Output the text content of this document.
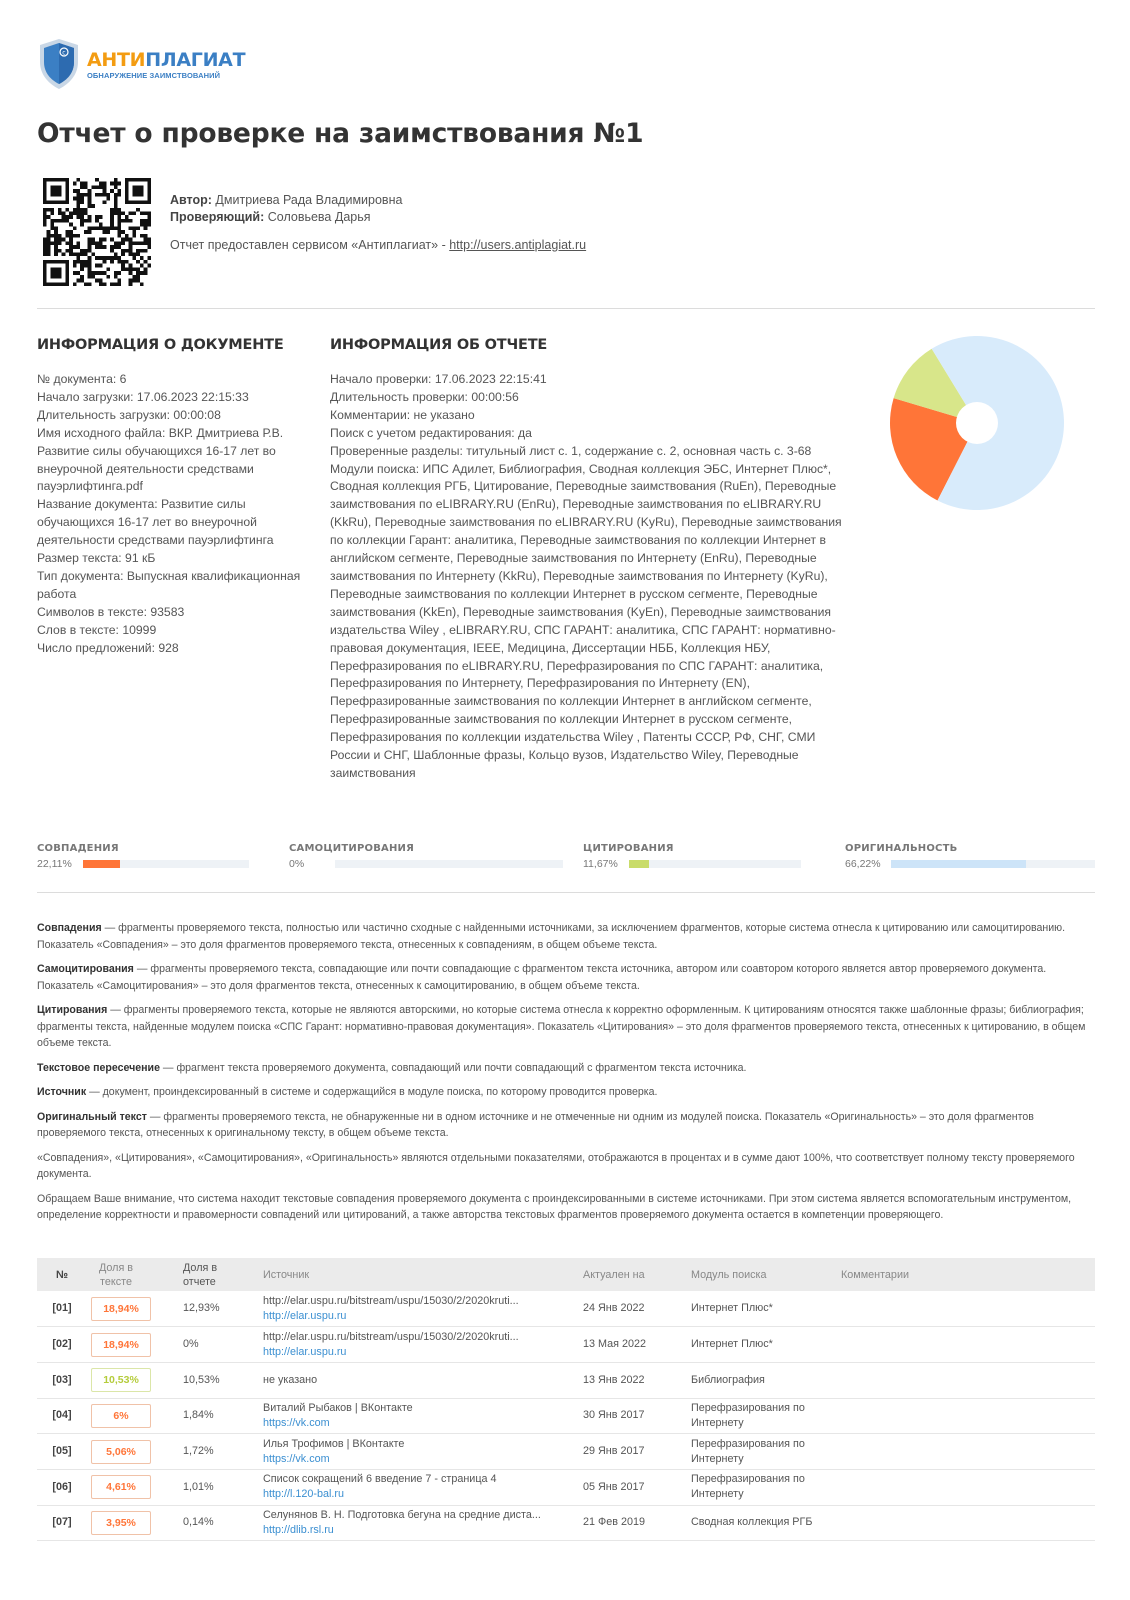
c АНТИПЛАГИАТ
ОБНАРУЖЕНИЕ ЗАИМСТВОВАНИЙ
Отчет о проверке на заимствования №1
Автор: Дмитриева Рада Владимировна
Проверяющий: Соловьева Дарья
Отчет предоставлен сервисом «Антиплагиат» - http://users.antiplagiat.ru
ИНФОРМАЦИЯ О ДОКУМЕНТЕ	ИНФОРМАЦИЯ ОБ ОТЧЕТЕ
№ документа: 6
Начало загрузки: 17.06.2023 22:15:33
Длительность загрузки: 00:00:08
Имя исходного файла: ВКР. Дмитриева Р.В. Развитие силы обучающихся 16-17 лет во внеурочной деятельности средствами пауэрлифтинга.pdf
Название документа: Развитие силы обучающихся 16-17 лет во внеурочной деятельности средствами пауэрлифтинга
Размер текста: 91 кБ
Тип документа: Выпускная квалификационная работа
Символов в тексте: 93583
Слов в тексте: 10999
Число предложений: 928
Начало проверки: 17.06.2023 22:15:41
Длительность проверки: 00:00:56
Комментарии: не указано
Поиск с учетом редактирования: да
Проверенные разделы: титульный лист с. 1, содержание с. 2, основная часть с. 3-68
Модули поиска: ИПС Адилет, Библиография, Сводная коллекция ЭБС, Интернет Плюс*, Сводная коллекция РГБ, Цитирование, Переводные заимствования (RuEn), Переводные заимствования по eLIBRARY.RU (EnRu), Переводные заимствования по eLIBRARY.RU (KkRu), Переводные заимствования по eLIBRARY.RU (KyRu), Переводные заимствования по коллекции Гарант: аналитика, Переводные заимствования по коллекции Интернет в английском сегменте, Переводные заимствования по Интернету (EnRu), Переводные заимствования по Интернету (KkRu), Переводные заимствования по Интернету (KyRu), Переводные заимствования по коллекции Интернет в русском сегменте, Переводные заимствования (KkEn), Переводные заимствования (KyEn), Переводные заимствования издательства Wiley , eLIBRARY.RU, СПС ГАРАНТ: аналитика, СПС ГАРАНТ: нормативно-правовая документация, IEEE, Медицина, Диссертации НББ, Коллекция НБУ, Перефразирования по eLIBRARY.RU, Перефразирования по СПС ГАРАНТ: аналитика, Перефразирования по Интернету, Перефразирования по Интернету (EN), Перефразированные заимствования по коллекции Интернет в английском сегменте, Перефразированные заимствования по коллекции Интернет в русском сегменте, Перефразирования по коллекции издательства Wiley , Патенты СССР, РФ, СНГ, СМИ России и СНГ, Шаблонные фразы, Кольцо вузов, Издательство Wiley, Переводные заимствования
СОВПАДЕНИЯ
22,11%
САМОЦИТИРОВАНИЯ
0%
ЦИТИРОВАНИЯ
11,67%
ОРИГИНАЛЬНОСТЬ
66,22%

Совпадения — фрагменты проверяемого текста, полностью или частично сходные с найденными источниками, за исключением фрагментов, которые система отнесла к цитированию или самоцитированию. Показатель «Совпадения» – это доля фрагментов проверяемого текста, отнесенных к совпадениям, в общем объеме текста.

Самоцитирования — фрагменты проверяемого текста, совпадающие или почти совпадающие с фрагментом текста источника, автором или соавтором которого является автор проверяемого документа. Показатель «Самоцитирования» – это доля фрагментов текста, отнесенных к самоцитированию, в общем объеме текста.

Цитирования — фрагменты проверяемого текста, которые не являются авторскими, но которые система отнесла к корректно оформленным. К цитированиям относятся также шаблонные фразы; библиография; фрагменты текста, найденные модулем поиска «СПС Гарант: нормативно-правовая документация». Показатель «Цитирования» – это доля фрагментов проверяемого текста, отнесенных к цитированию, в общем объеме текста.

Текстовое пересечение — фрагмент текста проверяемого документа, совпадающий или почти совпадающий с фрагментом текста источника.

Источник — документ, проиндексированный в системе и содержащийся в модуле поиска, по которому проводится проверка.

Оригинальный текст — фрагменты проверяемого текста, не обнаруженные ни в одном источнике и не отмеченные ни одним из модулей поиска. Показатель «Оригинальность» – это доля фрагментов проверяемого текста, отнесенных к оригинальному тексту, в общем объеме текста.

«Совпадения», «Цитирования», «Самоцитирования», «Оригинальность» являются отдельными показателями, отображаются в процентах и в сумме дают 100%, что соответствует полному тексту проверяемого документа.

Обращаем Ваше внимание, что система находит текстовые совпадения проверяемого документа с проиндексированными в системе источниками. При этом система является вспомогательным инструментом, определение корректности и правомерности совпадений или цитирований, а также авторства текстовых фрагментов проверяемого документа остается в компетенции проверяющего.

№	Доля в тексте	Доля в отчете	Источник	Актуален на	Модуль поиска	Комментарии
[01]	18,94%	12,93%	http://elar.uspu.ru/bitstream/uspu/15030/2/2020kruti...
http://elar.uspu.ru	24 Янв 2022	Интернет Плюс*	
[02]	18,94%	0%	http://elar.uspu.ru/bitstream/uspu/15030/2/2020kruti...
http://elar.uspu.ru	13 Мая 2022	Интернет Плюс*	
[03]	10,53%	10,53%	не указано	13 Янв 2022	Библиография	
[04]	6%	1,84%	Виталий Рыбаков | ВКонтакте
https://vk.com	30 Янв 2017	Перефразирования по Интернету	
[05]	5,06%	1,72%	Илья Трофимов | ВКонтакте
https://vk.com	29 Янв 2017	Перефразирования по Интернету	
[06]	4,61%	1,01%	Список сокращений 6 введение 7 - страница 4
http://l.120-bal.ru	05 Янв 2017	Перефразирования по Интернету	
[07]	3,95%	0,14%	Селунянов В. Н. Подготовка бегуна на средние диста...
http://dlib.rsl.ru	21 Фев 2019	Сводная коллекция РГБ	
